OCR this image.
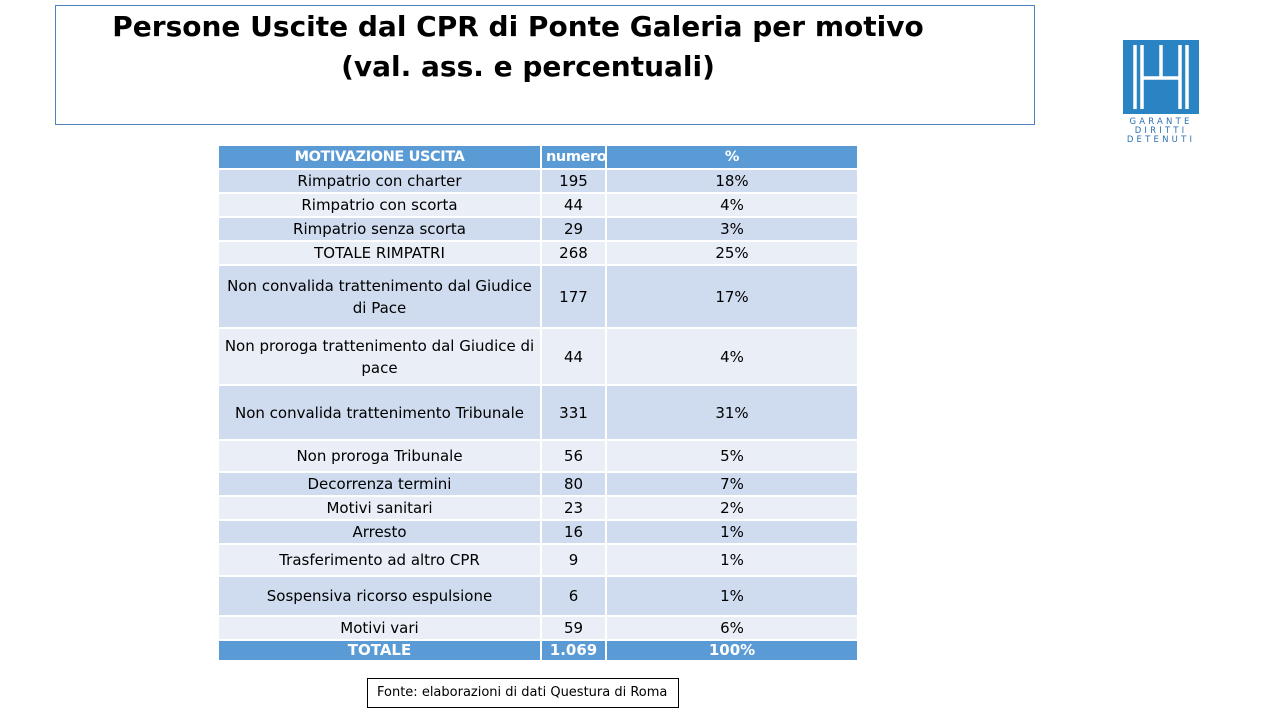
Persone Uscite dal CPR di Ponte Galeria per motivo
(val. ass. e percentuali)
GARANTE
DIRITTI
DETENUTI
MOTIVAZIONE USCITA	numero	%
Rimpatrio con charter	195	18%
Rimpatrio con scorta	44	4%
Rimpatrio senza scorta	29	3%
TOTALE RIMPATRI	268	25%
Non convalida trattenimento dal Giudice di Pace	177	17%
Non proroga trattenimento dal Giudice di pace	44	4%
Non convalida trattenimento Tribunale	331	31%
Non proroga Tribunale	56	5%
Decorrenza termini	80	7%
Motivi sanitari	23	2%
Arresto	16	1%
Trasferimento ad altro CPR	9	1%
Sospensiva ricorso espulsione	6	1%
Motivi vari	59	6%
TOTALE	1.069	100%
Fonte: elaborazioni di dati Questura di Roma
